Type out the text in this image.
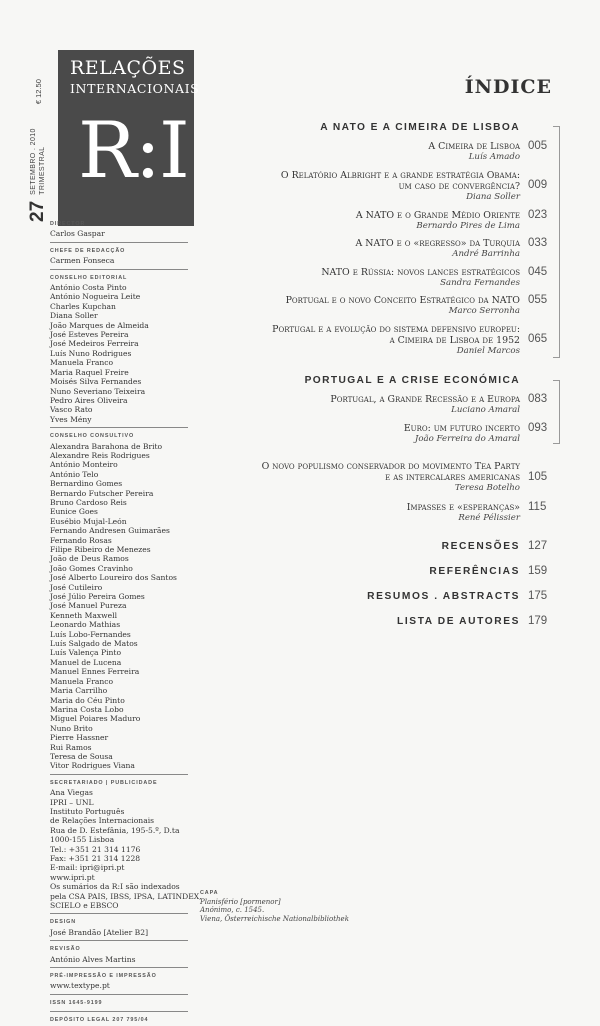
27
SETEMBRO . 2010 TRIMESTRAL
€ 12.50
RELAÇÕES
INTERNACIONAIS
R:I
DIRECTOR
Carlos Gaspar
CHEFE DE REDACÇÃO
Carmen Fonseca
CONSELHO EDITORIAL
António Costa Pinto
António Nogueira Leite
Charles Kupchan
Diana Soller
João Marques de Almeida
José Esteves Pereira
José Medeiros Ferreira
Luís Nuno Rodrigues
Manuela Franco
Maria Raquel Freire
Moisés Silva Fernandes
Nuno Severiano Teixeira
Pedro Aires Oliveira
Vasco Rato
Yves Mény
CONSELHO CONSULTIVO
Alexandra Barahona de Brito
Alexandre Reis Rodrigues
António Monteiro
António Telo
Bernardino Gomes
Bernardo Futscher Pereira
Bruno Cardoso Reis
Eunice Goes
Eusébio Mujal-León
Fernando Andresen Guimarães
Fernando Rosas
Filipe Ribeiro de Menezes
João de Deus Ramos
João Gomes Cravinho
José Alberto Loureiro dos Santos
José Cutileiro
José Júlio Pereira Gomes
José Manuel Pureza
Kenneth Maxwell
Leonardo Mathias
Luís Lobo-Fernandes
Luís Salgado de Matos
Luís Valença Pinto
Manuel de Lucena
Manuel Ennes Ferreira
Manuela Franco
Maria Carrilho
Maria do Céu Pinto
Marina Costa Lobo
Miguel Poiares Maduro
Nuno Brito
Pierre Hassner
Rui Ramos
Teresa de Sousa
Vitor Rodrigues Viana
SECRETARIADO | PUBLICIDADE
Ana Viegas
IPRI – UNL
Instituto Português
de Relações Internacionais
Rua de D. Estefânia, 195-5.º, D.ta
1000-155 Lisboa
Tel.: +351 21 314 1176
Fax: +351 21 314 1228
E-mail: ipri@ipri.pt
www.ipri.pt
Os sumários da R:I são indexados
pela CSA PAIS, IBSS, IPSA, LATINDEX,
SCIELO e EBSCO
DESIGN
José Brandão [Atelier B2]
REVISÃO
António Alves Martins
PRÉ-IMPRESSÃO E IMPRESSÃO
www.textype.pt
ISSN 1645-9199
DEPÓSITO LEGAL 207 795/04
ÍNDICE
A NATO E A CIMEIRA DE LISBOA
A Cimeira de Lisboa
Luís Amado
005
O Relatório Albright e a grande estratégia Obama:
um caso de convergência?
Diana Soller
009
A NATO e o Grande Médio Oriente
Bernardo Pires de Lima
023
A NATO e o «regresso» da Turquia
André Barrinha
033
NATO e Rússia: novos lances estratégicos
Sandra Fernandes
045
Portugal e o novo Conceito Estratégico da NATO
Marco Serronha
055
Portugal e a evolução do sistema defensivo europeu:
a Cimeira de Lisboa de 1952
Daniel Marcos
065
PORTUGAL E A CRISE ECONÓMICA
Portugal, a Grande Recessão e a Europa
Luciano Amaral
083
Euro: um futuro incerto
João Ferreira do Amaral
093
O novo populismo conservador do movimento Tea Party
e as intercalares americanas
Teresa Botelho
105
Impasses e «esperanças»
René Pélissier
115
RECENSÕES 127
REFERÊNCIAS 159
RESUMOS . ABSTRACTS 175
LISTA DE AUTORES 179
CAPA
Planisfério [pormenor]
Anónimo, c. 1545.
Viena, Österreichische Nationalbibliothek
